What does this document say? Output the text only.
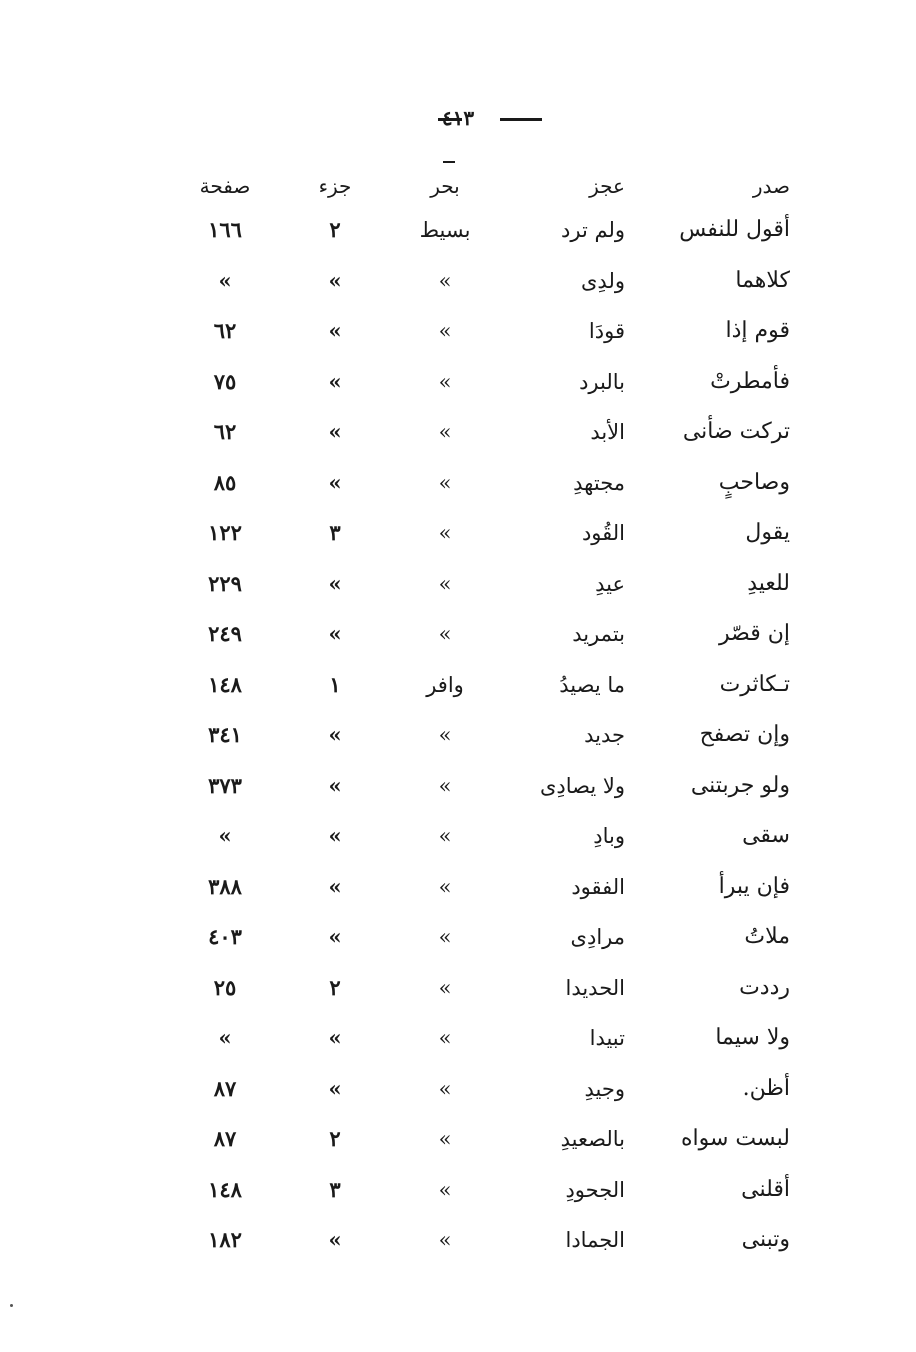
٤١٣
صدر
عجز
بحر
جزء
صفحة
أقول للنفس
ولم ترد
بسيط
٢
١٦٦
كلاهما
ولدِى
»
»
»
قوم إذا
قودَا
»
»
٦٢
فأمطرتْ
بالبرد
»
»
٧٥
تركت ضأنى
الأبد
»
»
٦٢
وصاحبٍ
مجتهدِ
»
»
٨٥
يقول
القُود
»
٣
١٢٢
للعيدِ
عيدِ
»
»
٢٢٩
إن قصّر
بتمريد
»
»
٢٤٩
تـكاثرت
ما يصيدُ
وافر
١
١٤٨
وإن تصفح
جديد
»
»
٣٤١
ولو جربتنى
ولا يصادِى
»
»
٣٧٣
سقى
وبادِ
»
»
»
فإن يبرأ
الفقود
»
»
٣٨٨
ملاتُ
مرادِى
»
»
٤٠٣
رددت
الحديدا
»
٢
٢٥
ولا سيما
تبيدا
»
»
»
أظن.
وجيدِ
»
»
٨٧
لبست سواه
بالصعيدِ
»
٢
٨٧
أقلنى
الجحودِ
»
٣
١٤٨
وتبنى
الجمادا
»
»
١٨٢
